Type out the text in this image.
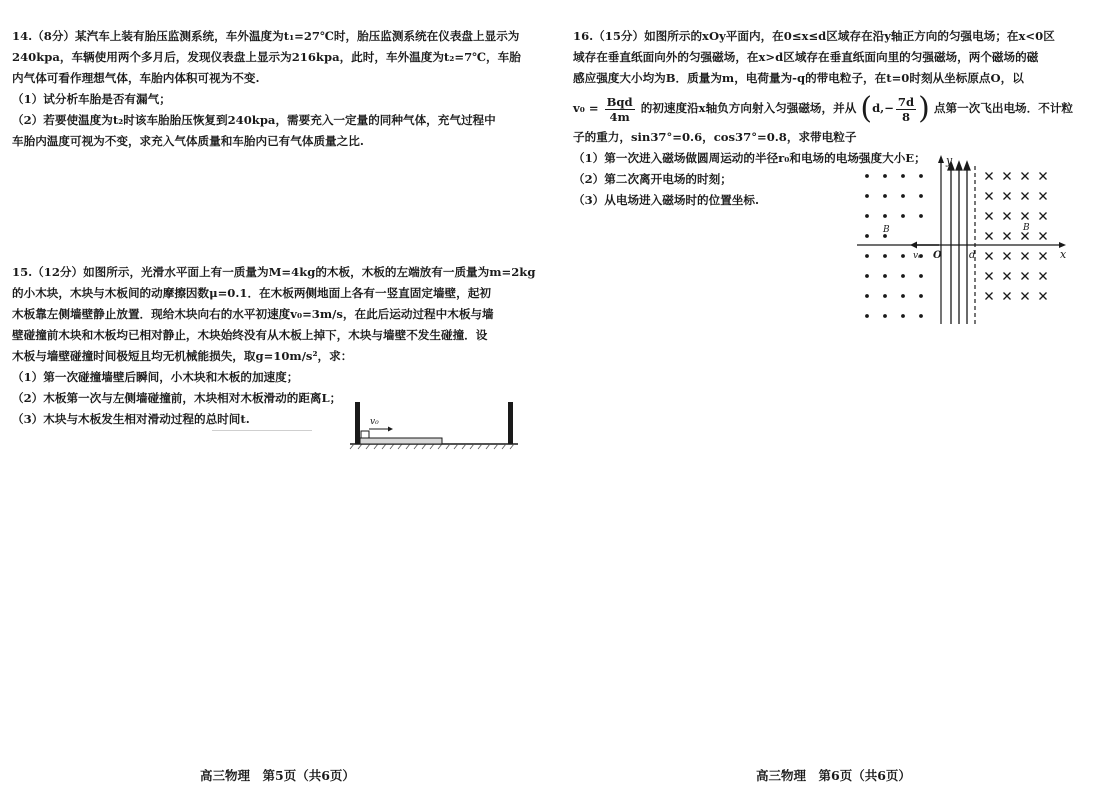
14.（8分）某汽车上装有胎压监测系统，车外温度为t₁=27℃时，胎压监测系统在仪表盘上显示为
240kpa，车辆使用两个多月后，发现仪表盘上显示为216kpa，此时，车外温度为t₂=7℃，车胎
内气体可看作理想气体，车胎内体积可视为不变.
（1）试分析车胎是否有漏气；
（2）若要使温度为t₂时该车胎胎压恢复到240kpa，需要充入一定量的同种气体，充气过程中
车胎内温度可视为不变，求充入气体质量和车胎内已有气体质量之比.
15.（12分）如图所示，光滑水平面上有一质量为M=4kg的木板，木板的左端放有一质量为m=2kg
的小木块，木块与木板间的动摩擦因数μ=0.1．在木板两侧地面上各有一竖直固定墙壁，起初
木板靠左侧墙壁静止放置．现给木块向右的水平初速度v₀=3m/s，在此后运动过程中木板与墙
壁碰撞前木块和木板均已相对静止，木块始终没有从木板上掉下，木块与墙壁不发生碰撞．设
木板与墙壁碰撞时间极短且均无机械能损失，取g=10m/s²，求：
（1）第一次碰撞墙壁后瞬间，小木块和木板的加速度；
（2）木板第一次与左侧墙碰撞前，木块相对木板滑动的距离L；
（3）木块与木板发生相对滑动过程的总时间t.	v₀
高三物理　第5页（共6页）
16.（15分）如图所示的xOy平面内，在0≤x≤d区域存在沿y轴正方向的匀强电场；在x<0区
域存在垂直纸面向外的匀强磁场，在x>d区域存在垂直纸面向里的匀强磁场，两个磁场的磁
感应强度大小均为B．质量为m，电荷量为-q的带电粒子，在t=0时刻从坐标原点O，以
$v_0 = \frac{\text{Bqd}}{4m}$ 的初速度沿x轴负方向射入匀强磁场，并从 ($d,- \frac{7d}{8}$ ) 点第一次飞出电场．不计粒
子的重力，sin37°=0.6，cos37°=0.8，求带电粒子
（1）第一次进入磁场做圆周运动的半径r₀和电场的电场强度大小E；
（2）第二次离开电场的时刻；
（3）从电场进入磁场时的位置坐标.
y
x
O	d
v₀
B	B
高三物理　第6页（共6页）
